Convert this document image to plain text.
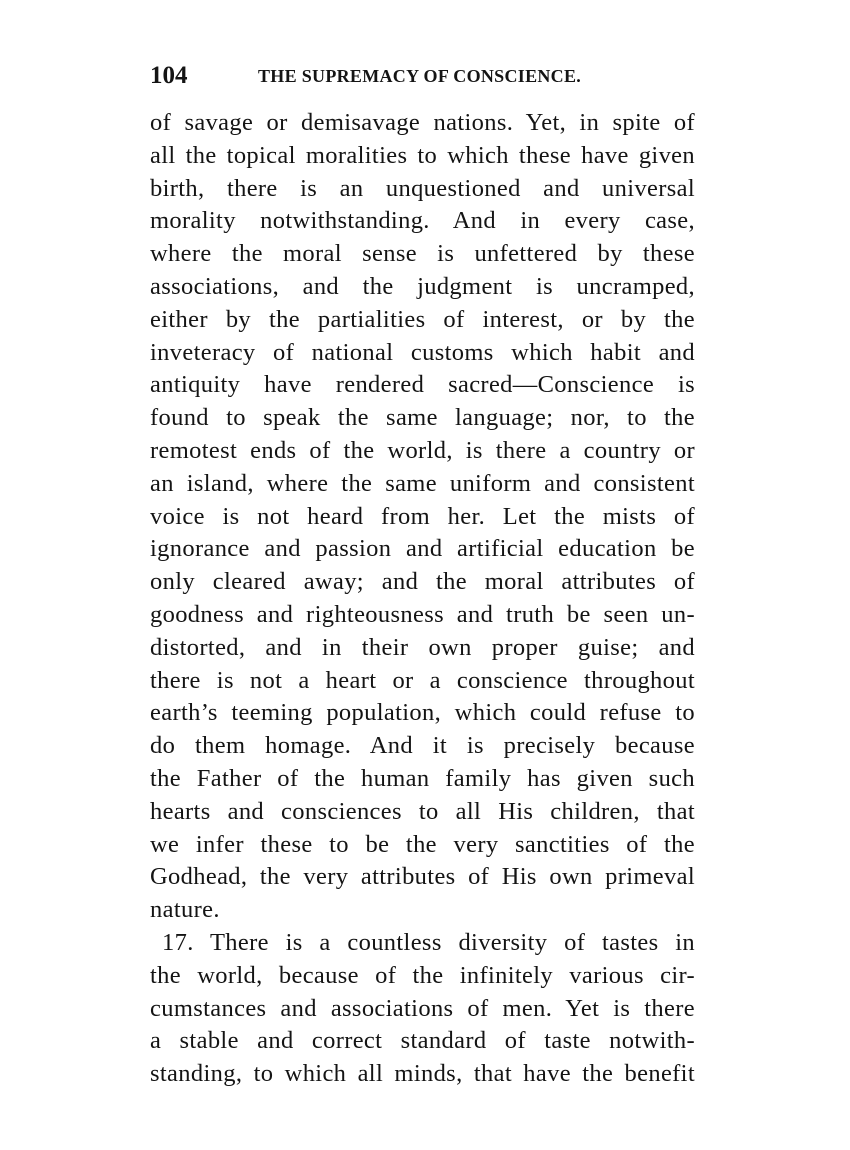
104	THE SUPREMACY OF CONSCIENCE.
of savage or demisavage nations. Yet, in spite of
all the topical moralities to which these have given
birth, there is an unquestioned and universal
morality notwithstanding. And in every case,
where the moral sense is unfettered by these
associations, and the judgment is uncramped,
either by the partialities of interest, or by the
inveteracy of national customs which habit and
antiquity have rendered sacred—Conscience is
found to speak the same language; nor, to the
remotest ends of the world, is there a country or
an island, where the same uniform and consistent
voice is not heard from her. Let the mists of
ignorance and passion and artificial education be
only cleared away; and the moral attributes of
goodness and righteousness and truth be seen un-
distorted, and in their own proper guise; and
there is not a heart or a conscience throughout
earth’s teeming population, which could refuse to
do them homage. And it is precisely because
the Father of the human family has given such
hearts and consciences to all His children, that
we infer these to be the very sanctities of the
Godhead, the very attributes of His own primeval
nature.
17. There is a countless diversity of tastes in
the world, because of the infinitely various cir-
cumstances and associations of men. Yet is there
a stable and correct standard of taste notwith-
standing, to which all minds, that have the benefit
